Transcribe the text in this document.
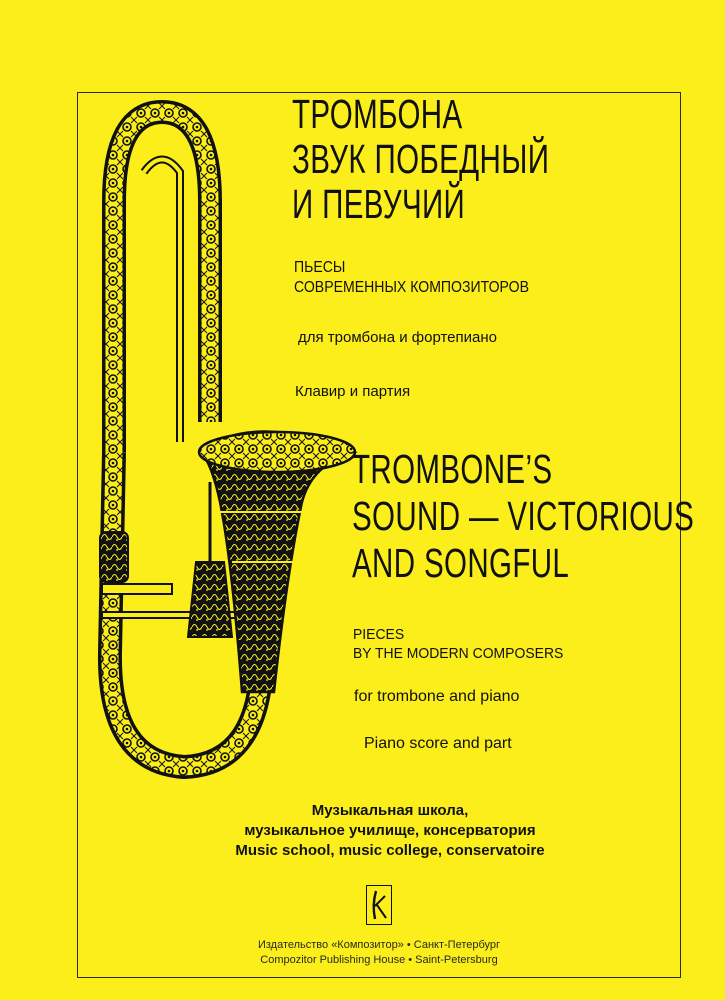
ТРОМБОНА
ЗВУК ПОБЕДНЫЙ
И ПЕВУЧИЙ
ПЬЕСЫ
СОВРЕМЕННЫХ КОМПОЗИТОРОВ
для тромбона и фортепиано
Клавир и партия
TROMBONE’S
SOUND — VICTORIOUS
AND SONGFUL
PIECES
BY THE MODERN COMPOSERS
for trombone and piano
Piano score and part
Музыкальная школа,
музыкальное училище, консерватория
Music school, music college, conservatoire
Издательство «Композитор» • Санкт-Петербург
Compozitor Publishing House • Saint-Petersburg
